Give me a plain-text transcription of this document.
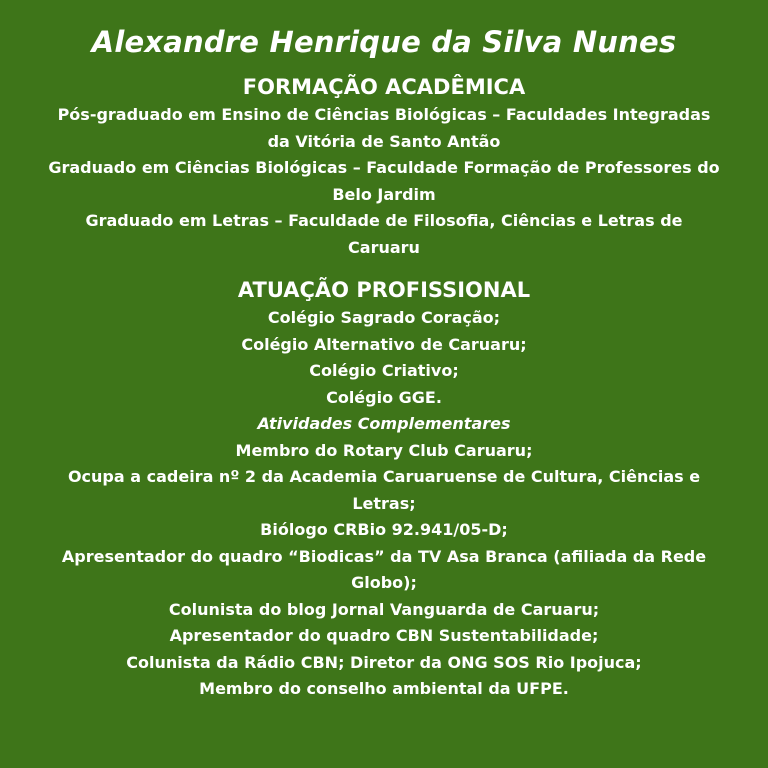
Alexandre Henrique da Silva Nunes
FORMAÇÃO ACADÊMICA
Pós-graduado em Ensino de Ciências Biológicas – Faculdades Integradas
da Vitória de Santo Antão
Graduado em Ciências Biológicas – Faculdade Formação de Professores do
Belo Jardim
Graduado em Letras – Faculdade de Filosofia, Ciências e Letras de
Caruaru
ATUAÇÃO PROFISSIONAL
Colégio Sagrado Coração;
Colégio Alternativo de Caruaru;
Colégio Criativo;
Colégio GGE.
Atividades Complementares
Membro do Rotary Club Caruaru;
Ocupa a cadeira nº 2 da Academia Caruaruense de Cultura, Ciências e
Letras;
Biólogo CRBio 92.941/05-D;
Apresentador do quadro “Biodicas” da TV Asa Branca (afiliada da Rede
Globo);
Colunista do blog Jornal Vanguarda de Caruaru;
Apresentador do quadro CBN Sustentabilidade;
Colunista da Rádio CBN; Diretor da ONG SOS Rio Ipojuca;
Membro do conselho ambiental da UFPE.
